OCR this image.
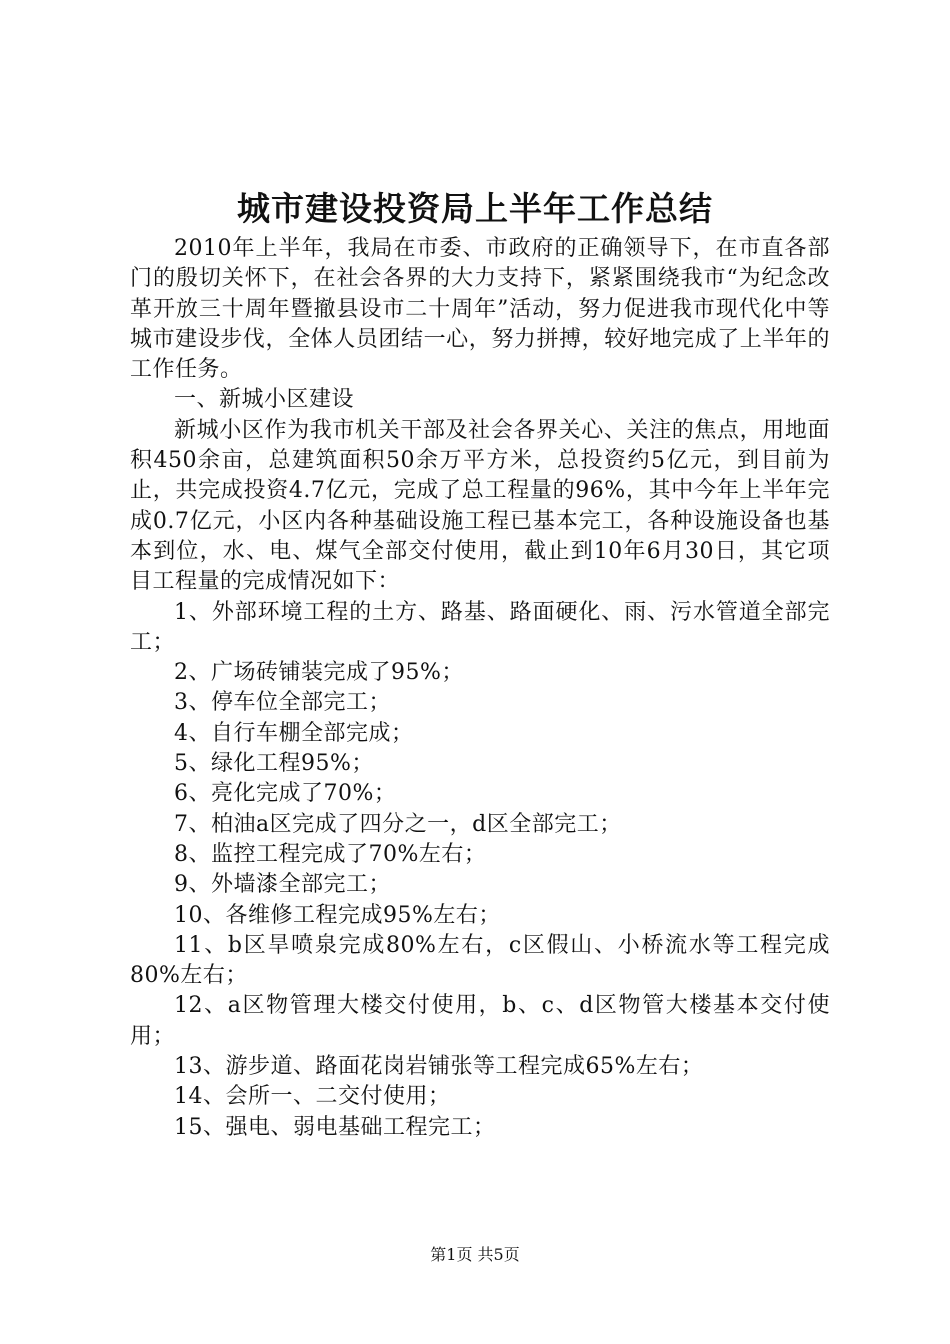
城市建设投资局上半年工作总结

2010年上半年，我局在市委、市政府的正确领导下，在市直各部门的殷切关怀下，在社会各界的大力支持下，紧紧围绕我市“为纪念改革开放三十周年暨撤县设市二十周年”活动，努力促进我市现代化中等城市建设步伐，全体人员团结一心，努力拼搏，较好地完成了上半年的工作任务。

一、新城小区建设

新城小区作为我市机关干部及社会各界关心、关注的焦点，用地面积450余亩，总建筑面积50余万平方米，总投资约5亿元，到目前为止，共完成投资4.7亿元，完成了总工程量的96%，其中今年上半年完成0.7亿元，小区内各种基础设施工程已基本完工，各种设施设备也基本到位，水、电、煤气全部交付使用，截止到10年6月30日，其它项目工程量的完成情况如下：

1、外部环境工程的土方、路基、路面硬化、雨、污水管道全部完工；

2、广场砖铺装完成了95%；

3、停车位全部完工；

4、自行车棚全部完成；

5、绿化工程95%；

6、亮化完成了70%；

7、柏油a区完成了四分之一，d区全部完工；

8、监控工程完成了70%左右；

9、外墙漆全部完工；

10、各维修工程完成95%左右；

11、b区旱喷泉完成80%左右，c区假山、小桥流水等工程完成80%左右；

12、a区物管理大楼交付使用，b、c、d区物管大楼基本交付使用；

13、游步道、路面花岗岩铺张等工程完成65%左右；

14、会所一、二交付使用；

15、强电、弱电基础工程完工；

第1页 共5页
